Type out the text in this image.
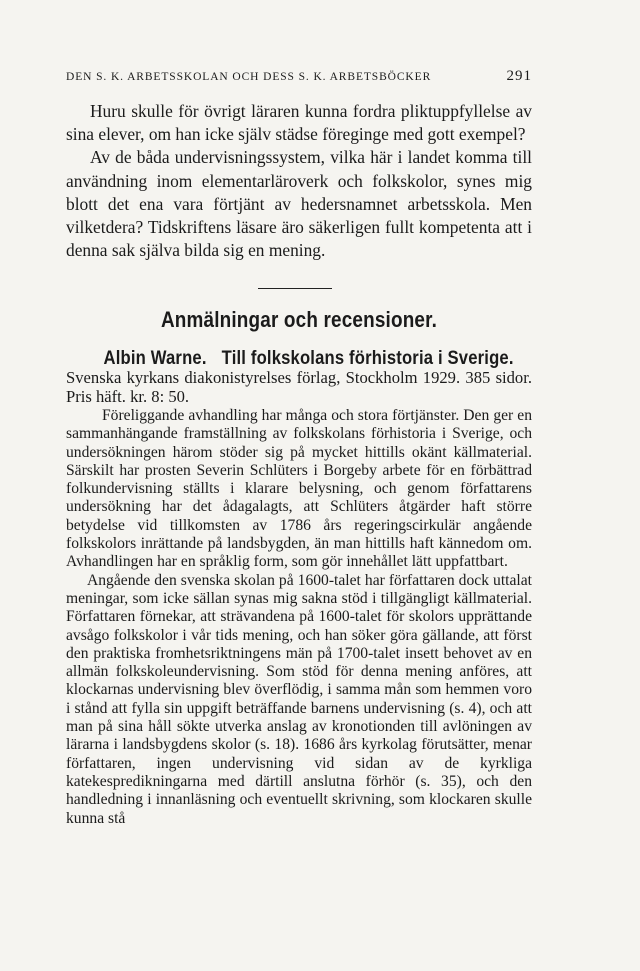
DEN S. K. ARBETSSKOLAN OCH DESS S. K. ARBETSBÖCKER	291

Huru skulle för övrigt läraren kunna fordra pliktuppfyllelse av sina elever, om han icke själv städse föreginge med gott exempel?

Av de båda undervisningssystem, vilka här i landet komma till användning inom elementarläroverk och folkskolor, synes mig blott det ena vara förtjänt av hedersnamnet arbetsskola. Men vilketdera? Tidskriftens läsare äro säkerligen fullt kompetenta att i denna sak själva bilda sig en mening.

Anmälningar och recensioner.
Albin Warne. Till folkskolans förhistoria i Sverige.

Svenska kyrkans diakonistyrelses förlag, Stockholm 1929. 385 sidor. Pris häft. kr. 8: 50.

Föreliggande avhandling har många och stora förtjänster. Den ger en sammanhängande framställning av folkskolans förhistoria i Sverige, och undersökningen härom stöder sig på mycket hittills okänt källmaterial. Särskilt har prosten Severin Schlüters i Borgeby arbete för en förbättrad folkundervisning ställts i klarare belysning, och genom författarens undersökning har det ådagalagts, att Schlüters åtgärder haft större betydelse vid tillkomsten av 1786 års regeringscirkulär angående folkskolors inrättande på landsbygden, än man hittills haft kännedom om. Avhandlingen har en språklig form, som gör innehållet lätt uppfattbart.

Angående den svenska skolan på 1600-talet har författaren dock uttalat meningar, som icke sällan synas mig sakna stöd i tillgängligt källmaterial. Författaren förnekar, att strävandena på 1600-talet för skolors upprättande avsågo folkskolor i vår tids mening, och han söker göra gällande, att först den praktiska fromhetsriktningens män på 1700-talet insett behovet av en allmän folkskoleundervisning. Som stöd för denna mening anföres, att klockarnas undervisning blev överflödig, i samma mån som hemmen voro i stånd att fylla sin uppgift beträffande barnens undervisning (s. 4), och att man på sina håll sökte utverka anslag av kronotionden till avlöningen av lärarna i landsbygdens skolor (s. 18). 1686 års kyrkolag förutsätter, menar författaren, ingen undervisning vid sidan av de kyrkliga katekespredikningarna med därtill anslutna förhör (s. 35), och den handledning i innanläsning och eventuellt skrivning, som klockaren skulle kunna stå
